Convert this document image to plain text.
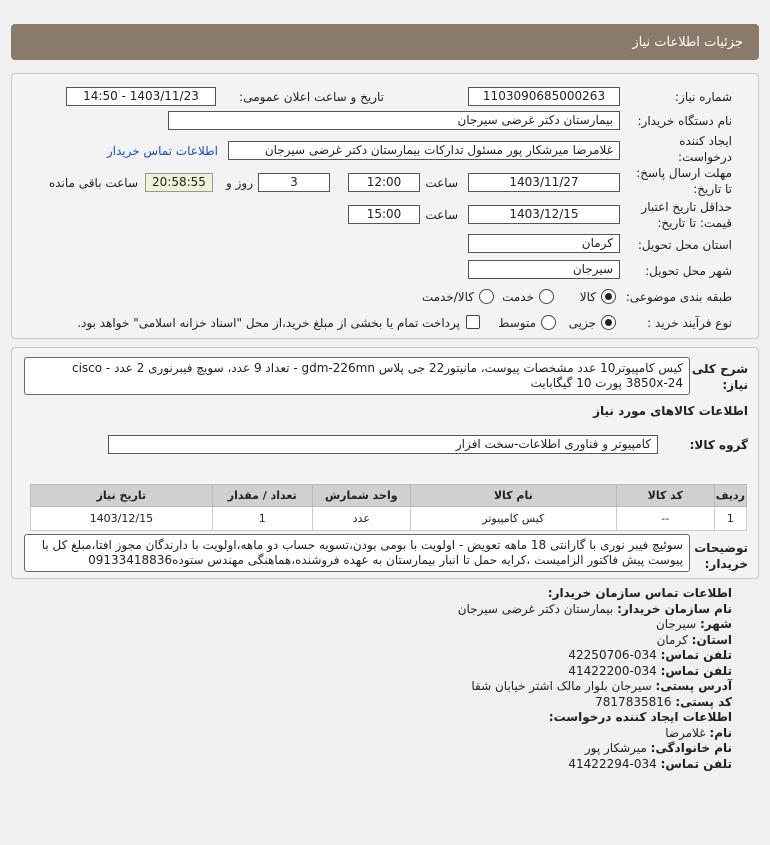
جزئیات اطلاعات نیاز
شماره نیاز:
1103090685000263
تاریخ و ساعت اعلان عمومی:
1403/11/23 - 14:50
نام دستگاه خریدار:
بیمارستان دکتر غرضی سیرجان
ایجاد کننده
درخواست:
غلامرضا میرشکار پور مسئول تدارکات بیمارستان دکتر غرضی سیرجان
اطلاعات تماس خریدار
مهلت ارسال پاسخ:
تا تاریخ:
1403/11/27
ساعت
12:00
3
روز و
20:58:55
ساعت باقی مانده
حداقل تاریخ اعتبار
قیمت: تا تاریخ:
1403/12/15
ساعت
15:00
استان محل تحویل:
کرمان
شهر محل تحویل:
سیرجان
طبقه بندی موضوعی:
کالا
خدمت
کالا/خدمت
نوع فرآیند خرید :
جزیی
متوسط
پرداخت تمام یا بخشی از مبلغ خرید،از محل "اسناد خزانه اسلامی" خواهد بود.
شرح کلی
نیاز:
کیس کامپیوتر10 عدد مشخصات پیوست، مانیتور22 جی پلاس gdm-226mn - تعداد 9 عدد، سویچ فیبرنوری 2 عدد - cisco 3850x-24 پورت 10 گیگابایت
اطلاعات کالاهای مورد نیاز
گروه کالا:
کامپیوتر و فناوری اطلاعات-سخت افزار
ردیف	کد کالا	نام کالا	واحد شمارش	تعداد / مقدار	تاریخ نیاز
1	--	کیس کامپیوتر	عدد	1	1403/12/15
توضیحات
خریدار:
سوئیچ فیبر نوری با گارانتی 18 ماهه تعویض - اولویت با بومی بودن،تسویه حساب دو ماهه،اولویت با دارندگان مجوز افتا،مبلغ کل با پیوست پیش فاکتور الزامیست ،کرایه حمل تا انبار بیمارستان به عهده فروشنده،هماهنگی مهندس ستوده09133418836
اطلاعات تماس سازمان خریدار:
نام سازمان خریدار: بیمارستان دکتر غرضی سیرجان
شهر: سیرجان
استان: کرمان
تلفن تماس: 034-42250706
تلفن تماس: 034-41422200
آدرس پستی: سیرجان بلوار مالک اشتر خیابان شفا
کد پستی: 7817835816
اطلاعات ایجاد کننده درخواست:
نام: غلامرضا
نام خانوادگی: میرشکار پور
تلفن تماس: 034-41422294
